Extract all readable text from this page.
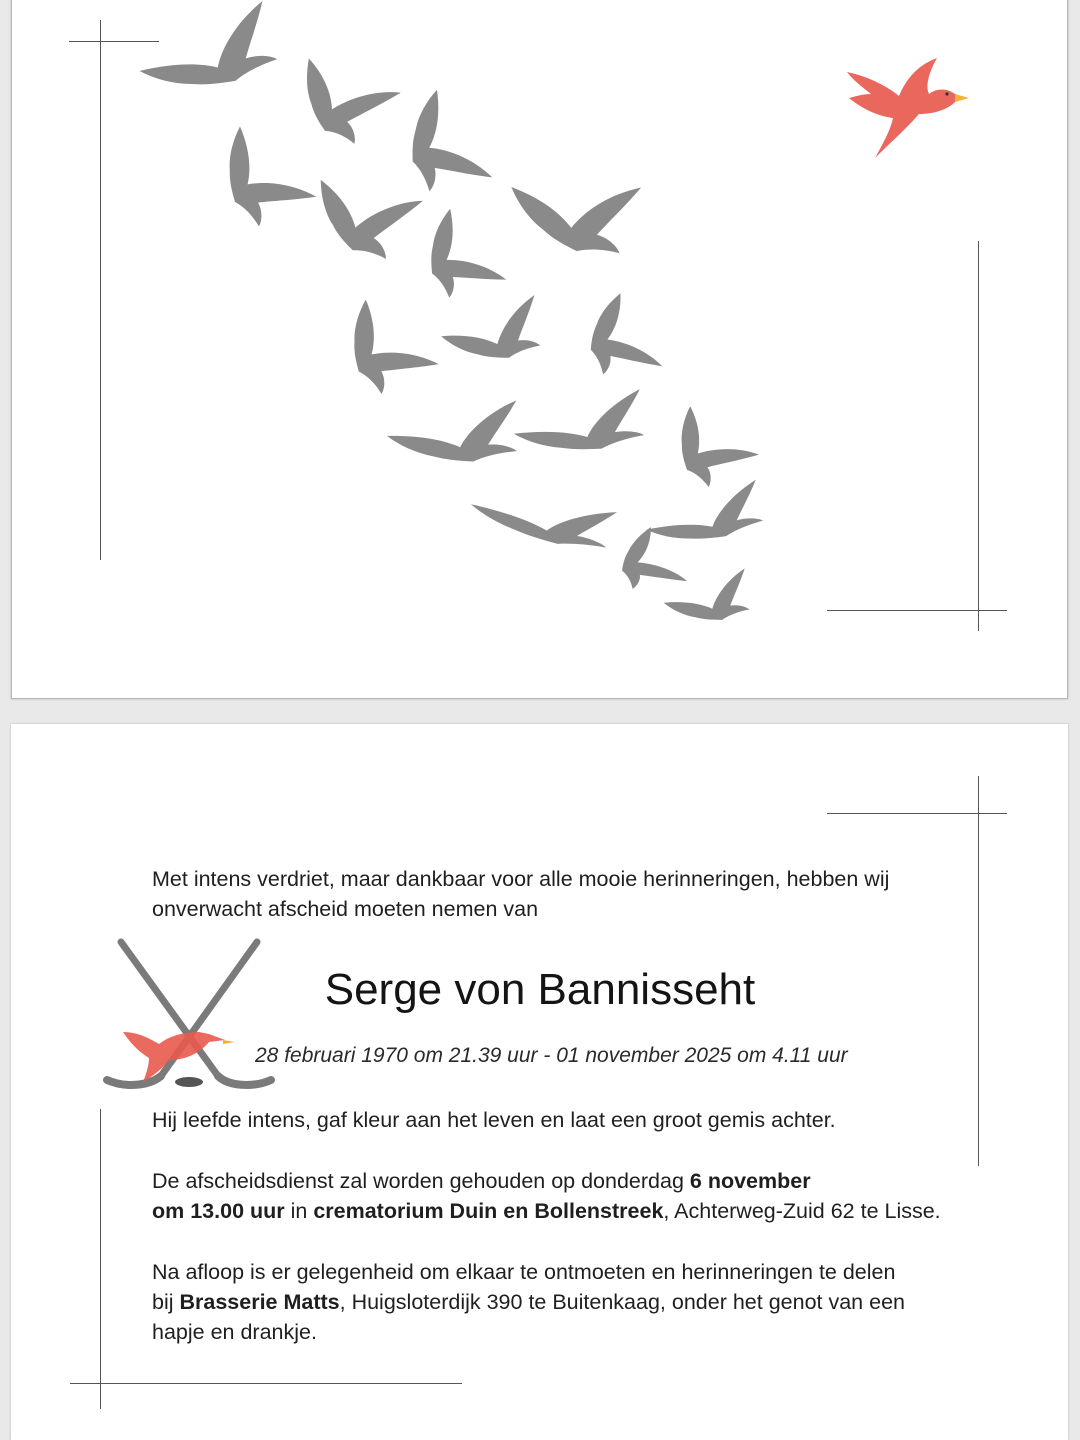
Met intens verdriet, maar dankbaar voor alle mooie herinneringen, hebben wij

onverwacht afscheid moeten nemen van

Serge von Bannisseht
28 februari 1970 om 21.39 uur - 01 november 2025 om 4.11 uur

Hij leefde intens, gaf kleur aan het leven en laat een groot gemis achter.

De afscheidsdienst zal worden gehouden op donderdag 6 november

om 13.00 uur in crematorium Duin en Bollenstreek, Achterweg-Zuid 62 te Lisse.

Na afloop is er gelegenheid om elkaar te ontmoeten en herinneringen te delen

bij Brasserie Matts, Huigsloterdijk 390 te Buitenkaag, onder het genot van een

hapje en drankje.
